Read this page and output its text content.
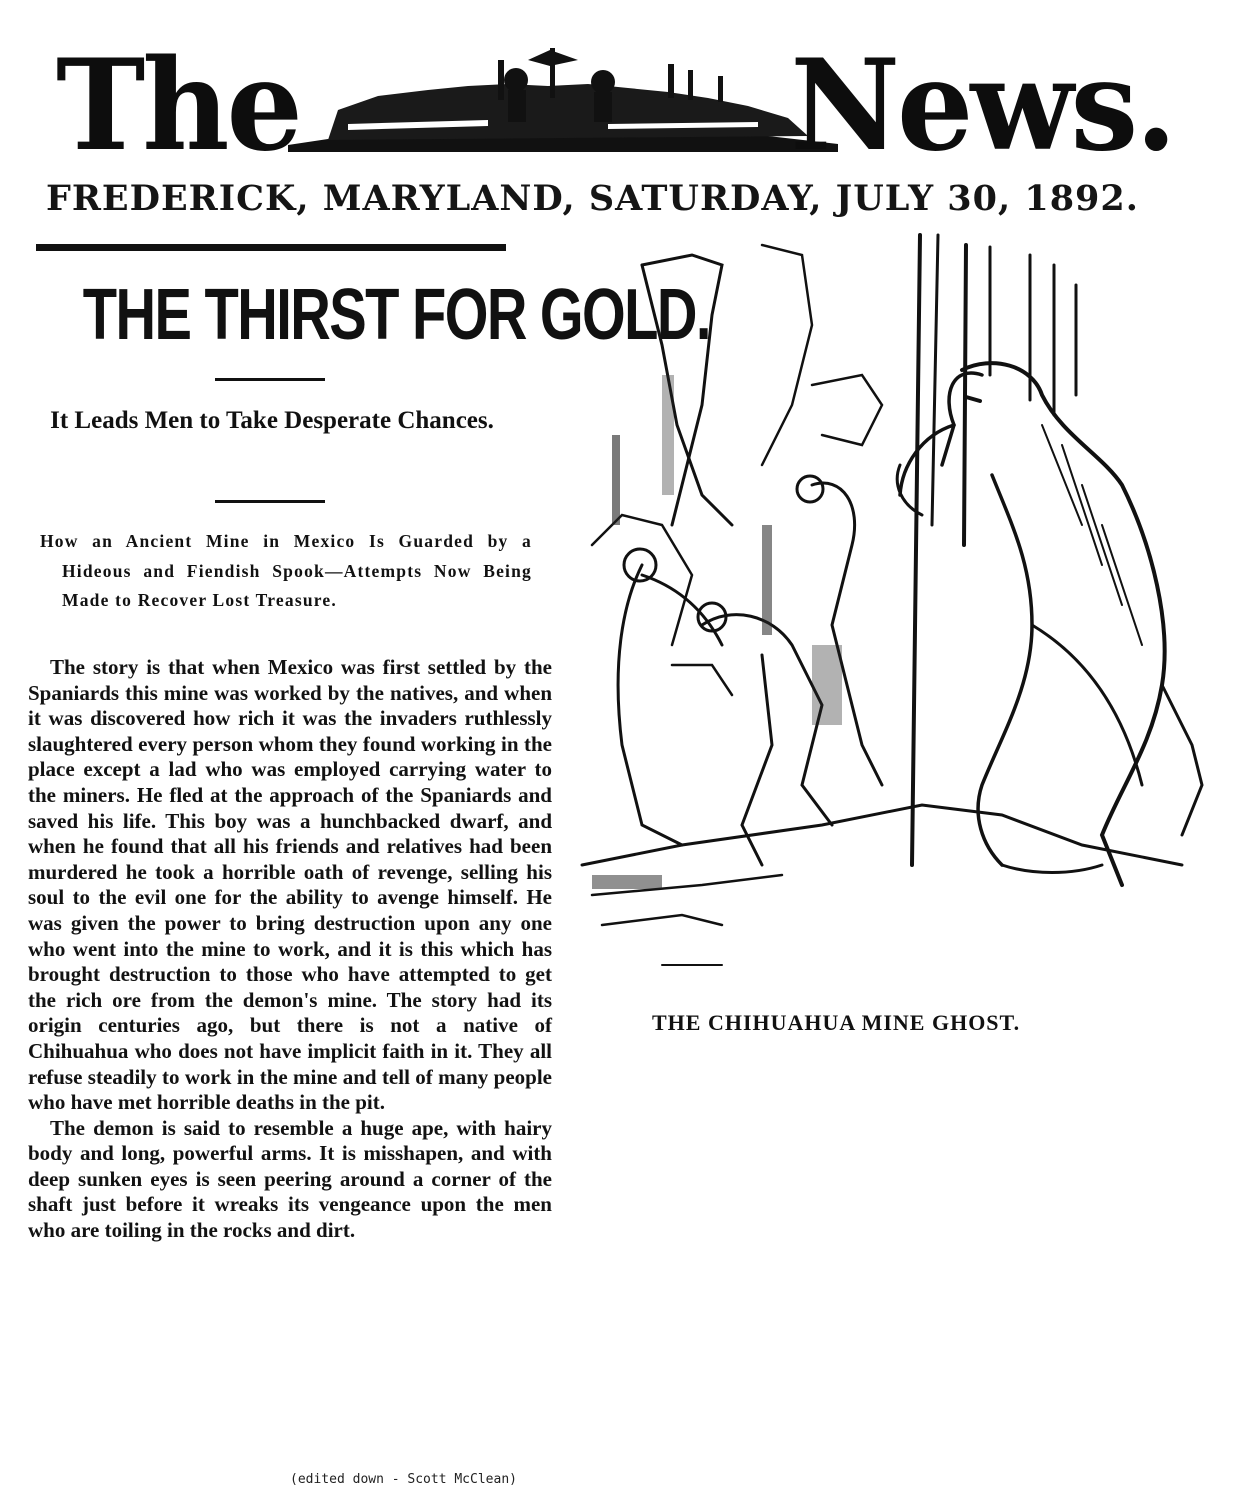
The	News.
FREDERICK, MARYLAND, SATURDAY, JULY 30, 1892.
THE THIRST FOR GOLD.
It Leads Men to Take Desperate Chances.
How an Ancient Mine in Mexico Is Guarded by a Hideous and Fiendish Spook—Attempts Now Being Made to Recover Lost Treasure.

The story is that when Mexico was first settled by the Spaniards this mine was worked by the natives, and when it was discovered how rich it was the invaders ruthlessly slaughtered every person whom they found working in the place except a lad who was employed carrying water to the miners. He fled at the approach of the Spaniards and saved his life. This boy was a hunchbacked dwarf, and when he found that all his friends and relatives had been murdered he took a horrible oath of revenge, selling his soul to the evil one for the ability to avenge himself. He was given the power to bring destruction upon any one who went into the mine to work, and it is this which has brought destruction to those who have attempted to get the rich ore from the demon's mine. The story had its origin centuries ago, but there is not a native of Chihuahua who does not have implicit faith in it. They all refuse steadily to work in the mine and tell of many people who have met horrible deaths in the pit.

The demon is said to resemble a huge ape, with hairy body and long, powerful arms. It is misshapen, and with deep sunken eyes is seen peering around a corner of the shaft just before it wreaks its vengeance upon the men who are toiling in the rocks and dirt.

(edited down - Scott McClean)
THE CHIHUAHUA MINE GHOST.
